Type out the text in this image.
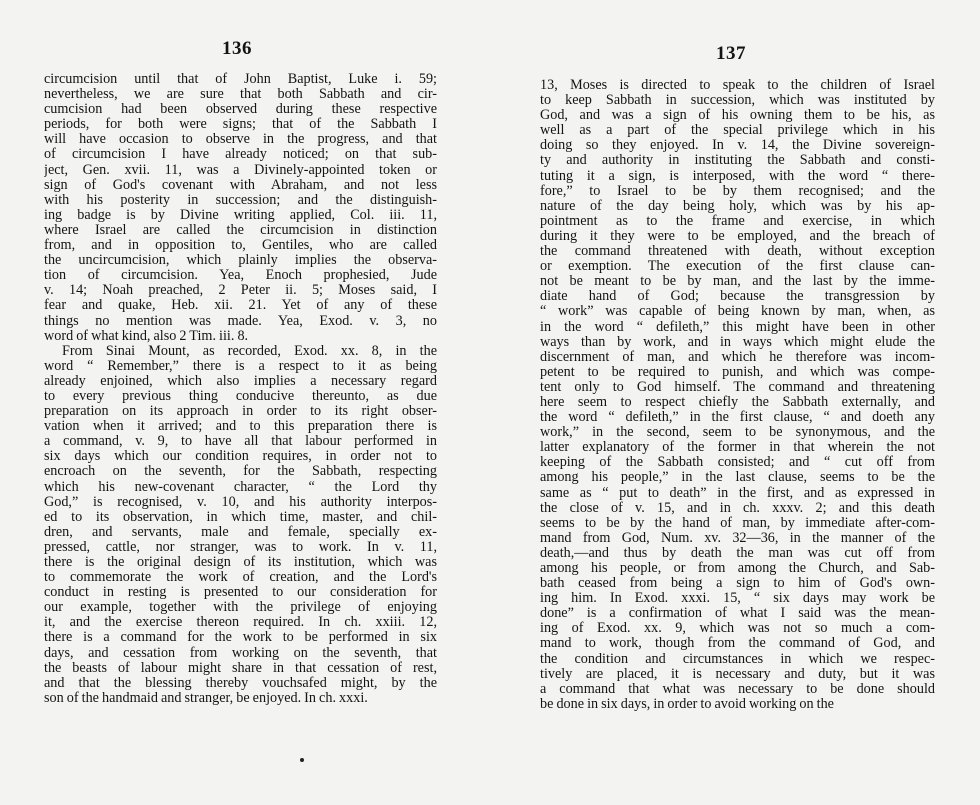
136
circumcision until that of John Baptist, Luke i. 59;
nevertheless, we are sure that both Sabbath and cir-
cumcision had been observed during these respective
periods, for both were signs; that of the Sabbath I
will have occasion to observe in the progress, and that
of circumcision I have already noticed; on that sub-
ject, Gen. xvii. 11, was a Divinely-appointed token or
sign of God's covenant with Abraham, and not less
with his posterity in succession; and the distinguish-
ing badge is by Divine writing applied, Col. iii. 11,
where Israel are called the circumcision in distinction
from, and in opposition to, Gentiles, who are called
the uncircumcision, which plainly implies the observa-
tion of circumcision. Yea, Enoch prophesied, Jude
v. 14; Noah preached, 2 Peter ii. 5; Moses said, I
fear and quake, Heb. xii. 21. Yet of any of these
things no mention was made. Yea, Exod. v. 3, no
word of what kind, also 2 Tim. iii. 8.
From Sinai Mount, as recorded, Exod. xx. 8, in the
word “ Remember,” there is a respect to it as being
already enjoined, which also implies a necessary regard
to every previous thing conducive thereunto, as due
preparation on its approach in order to its right obser-
vation when it arrived; and to this preparation there is
a command, v. 9, to have all that labour performed in
six days which our condition requires, in order not to
encroach on the seventh, for the Sabbath, respecting
which his new-covenant character, “ the Lord thy
God,” is recognised, v. 10, and his authority interpos-
ed to its observation, in which time, master, and chil-
dren, and servants, male and female, specially ex-
pressed, cattle, nor stranger, was to work. In v. 11,
there is the original design of its institution, which was
to commemorate the work of creation, and the Lord's
conduct in resting is presented to our consideration for
our example, together with the privilege of enjoying
it, and the exercise thereon required. In ch. xxiii. 12,
there is a command for the work to be performed in six
days, and cessation from working on the seventh, that
the beasts of labour might share in that cessation of rest,
and that the blessing thereby vouchsafed might, by the
son of the handmaid and stranger, be enjoyed. In ch. xxxi.
137
13, Moses is directed to speak to the children of Israel
to keep Sabbath in succession, which was instituted by
God, and was a sign of his owning them to be his, as
well as a part of the special privilege which in his
doing so they enjoyed. In v. 14, the Divine sovereign-
ty and authority in instituting the Sabbath and consti-
tuting it a sign, is interposed, with the word “ there-
fore,” to Israel to be by them recognised; and the
nature of the day being holy, which was by his ap-
pointment as to the frame and exercise, in which
during it they were to be employed, and the breach of
the command threatened with death, without exception
or exemption. The execution of the first clause can-
not be meant to be by man, and the last by the imme-
diate hand of God; because the transgression by
“ work” was capable of being known by man, when, as
in the word “ defileth,” this might have been in other
ways than by work, and in ways which might elude the
discernment of man, and which he therefore was incom-
petent to be required to punish, and which was compe-
tent only to God himself. The command and threatening
here seem to respect chiefly the Sabbath externally, and
the word “ defileth,” in the first clause, “ and doeth any
work,” in the second, seem to be synonymous, and the
latter explanatory of the former in that wherein the not
keeping of the Sabbath consisted; and “ cut off from
among his people,” in the last clause, seems to be the
same as “ put to death” in the first, and as expressed in
the close of v. 15, and in ch. xxxv. 2; and this death
seems to be by the hand of man, by immediate after-com-
mand from God, Num. xv. 32—36, in the manner of the
death,—and thus by death the man was cut off from
among his people, or from among the Church, and Sab-
bath ceased from being a sign to him of God's own-
ing him. In Exod. xxxi. 15, “ six days may work be
done” is a confirmation of what I said was the mean-
ing of Exod. xx. 9, which was not so much a com-
mand to work, though from the command of God, and
the condition and circumstances in which we respec-
tively are placed, it is necessary and duty, but it was
a command that what was necessary to be done should
be done in six days, in order to avoid working on the
